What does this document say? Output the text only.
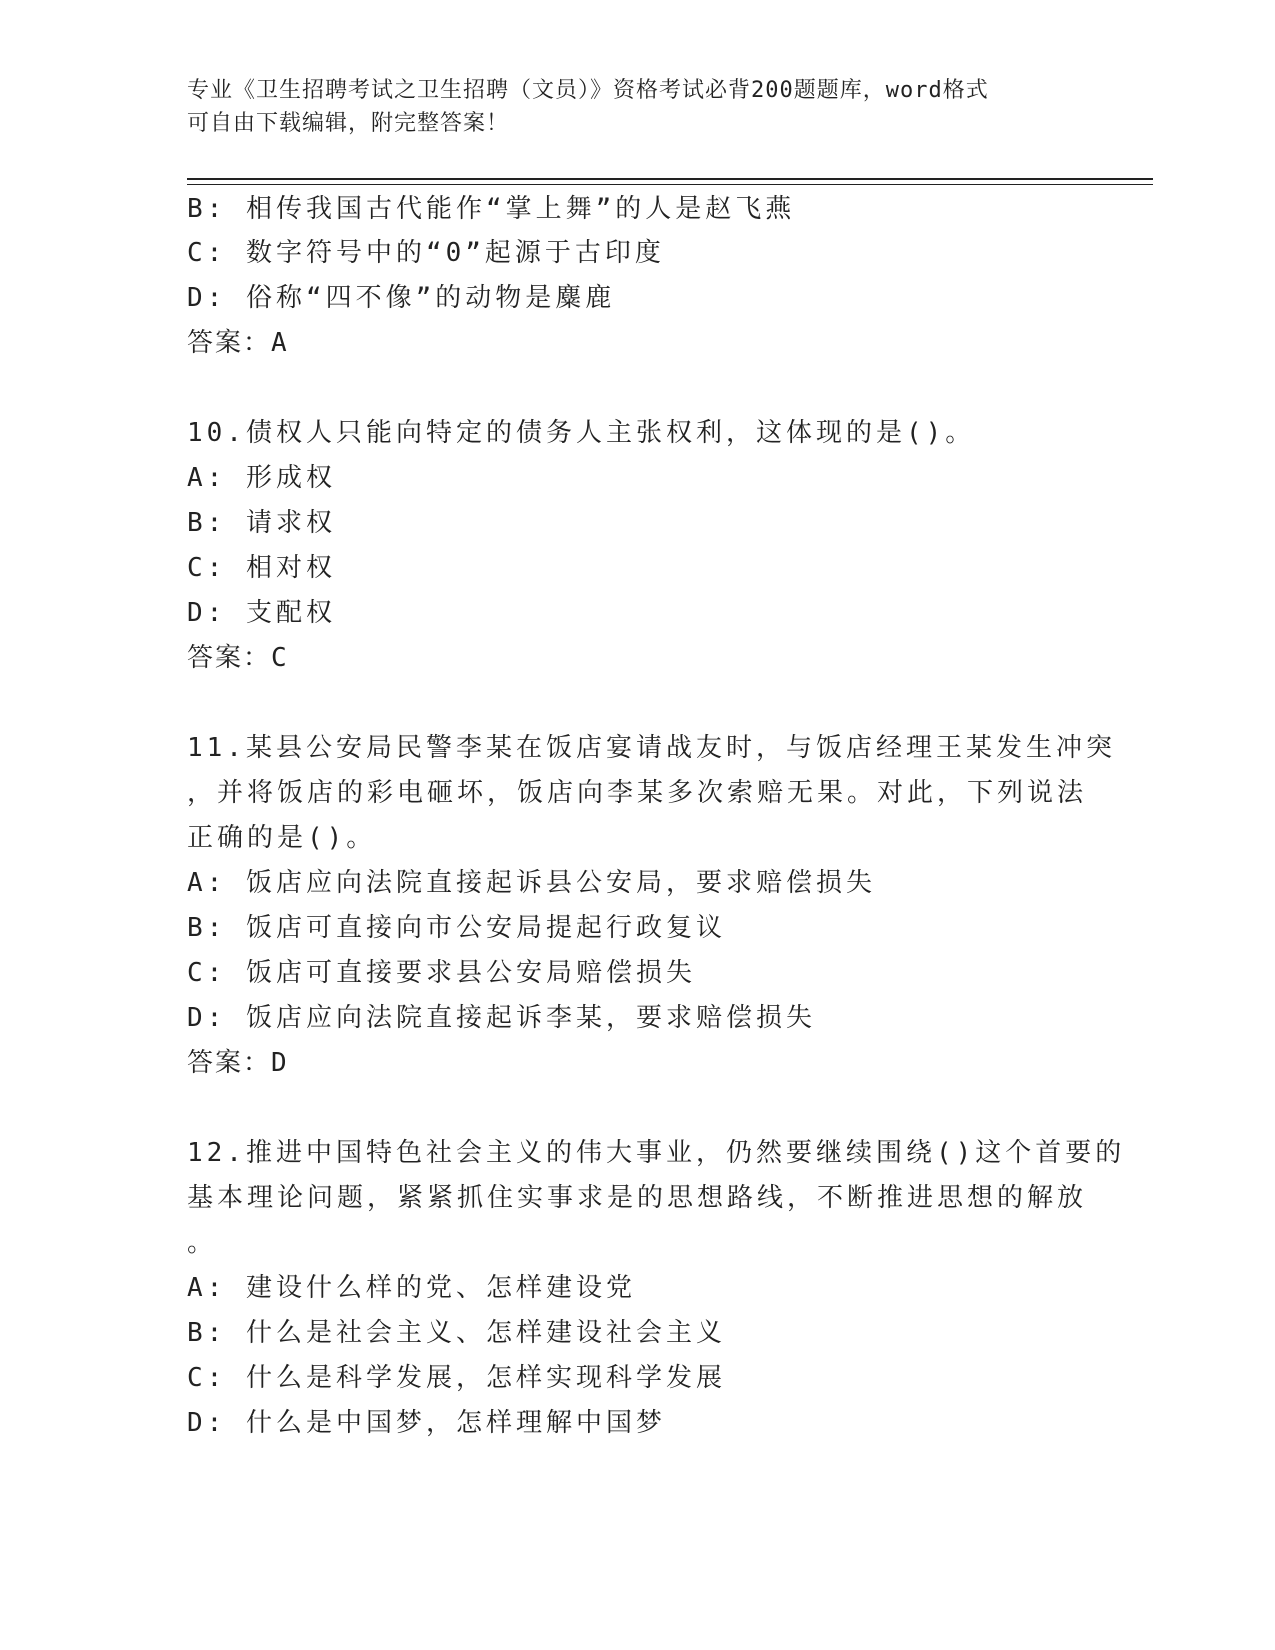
专业《卫生招聘考试之卫生招聘（文员）》资格考试必背200题题库，word格式
可自由下载编辑，附完整答案！
B: 相传我国古代能作“掌上舞”的人是赵飞燕
C: 数字符号中的“0”起源于古印度
D: 俗称“四不像”的动物是麋鹿
答案：A
10.债权人只能向特定的债务人主张权利，这体现的是()。
A: 形成权
B: 请求权
C: 相对权
D: 支配权
答案：C
11.某县公安局民警李某在饭店宴请战友时，与饭店经理王某发生冲突
，并将饭店的彩电砸坏，饭店向李某多次索赔无果。对此，下列说法
正确的是()。
A: 饭店应向法院直接起诉县公安局，要求赔偿损失
B: 饭店可直接向市公安局提起行政复议
C: 饭店可直接要求县公安局赔偿损失
D: 饭店应向法院直接起诉李某，要求赔偿损失
答案：D
12.推进中国特色社会主义的伟大事业，仍然要继续围绕()这个首要的
基本理论问题，紧紧抓住实事求是的思想路线，不断推进思想的解放
。
A: 建设什么样的党、怎样建设党
B: 什么是社会主义、怎样建设社会主义
C: 什么是科学发展，怎样实现科学发展
D: 什么是中国梦，怎样理解中国梦
